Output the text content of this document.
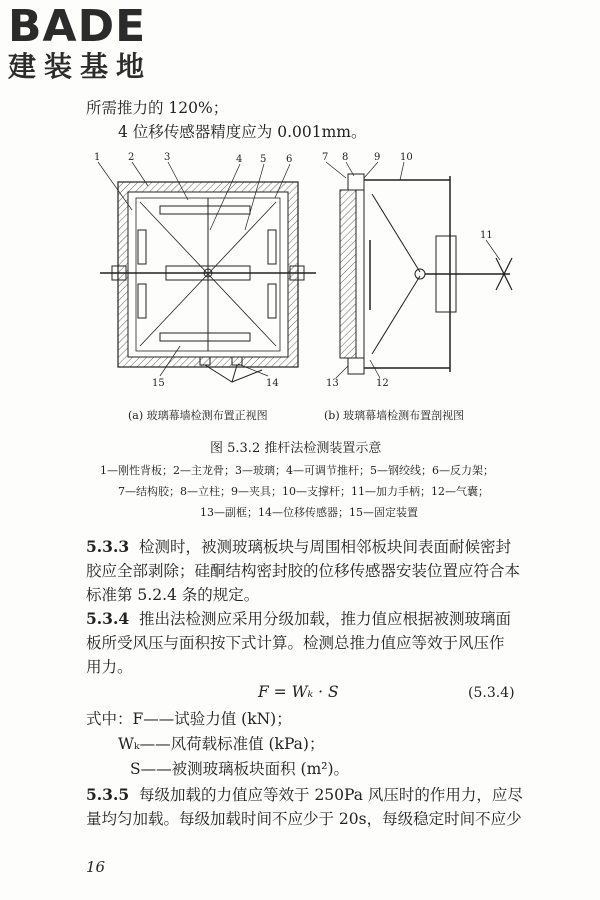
BADE
建装基地
所需推力的 120%；
4 位移传感器精度应为 0.001mm。
1	2	3	4 5 6
15	14
7 8	9 10
11
13	12
(a) 玻璃幕墙检测布置正视图	(b) 玻璃幕墙检测布置剖视图
图 5.3.2 推杆法检测装置示意
1—刚性背板；2—主龙骨；3—玻璃；4—可调节推杆；5—钢绞线；6—反力架；
7—结构胶；8—立柱；9—夹具；10—支撑杆；11—加力手柄；12—气囊；
13—副框；14—位移传感器；15—固定装置
5.3.3 检测时，被测玻璃板块与周围相邻板块间表面耐候密封
胶应全部剥除；硅酮结构密封胶的位移传感器安装位置应符合本
标准第 5.2.4 条的规定。
5.3.4 推出法检测应采用分级加载，推力值应根据被测玻璃面
板所受风压与面积按下式计算。检测总推力值应等效于风压作
用力。
F = Wₖ · S	(5.3.4)
式中：F——试验力值 (kN)；
Wₖ——风荷载标准值 (kPa)；
S——被测玻璃板块面积 (m²)。
5.3.5 每级加载的力值应等效于 250Pa 风压时的作用力，应尽
量均匀加载。每级加载时间不应少于 20s，每级稳定时间不应少
16
